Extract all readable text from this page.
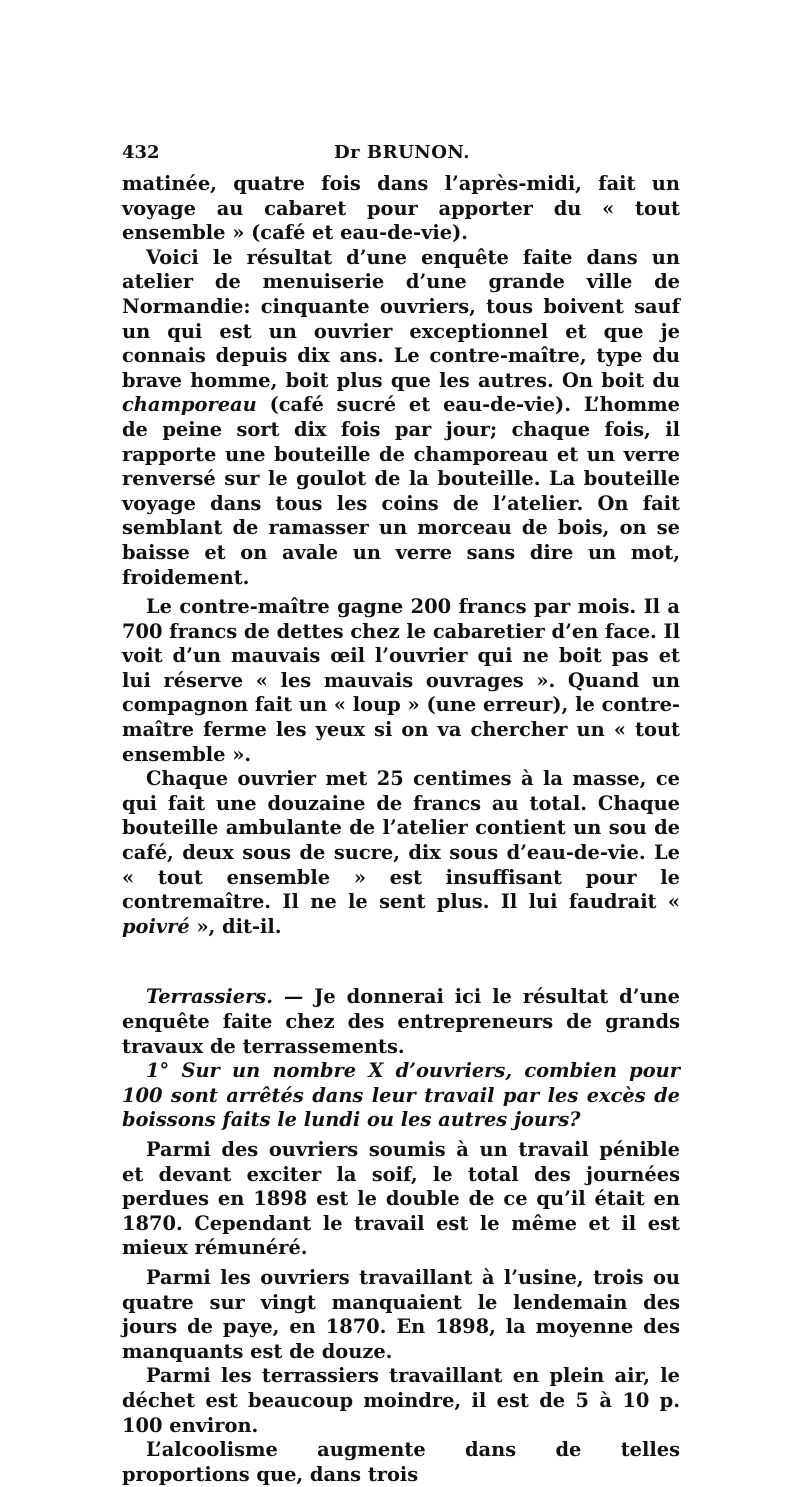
432	Dr BRUNON.

matinée, quatre fois dans l’après-midi, fait un voyage au cabaret pour apporter du « tout ensemble » (café et eau-de-vie).

Voici le résultat d’une enquête faite dans un atelier de menuiserie d’une grande ville de Normandie: cinquante ouvriers, tous boivent sauf un qui est un ouvrier exceptionnel et que je connais depuis dix ans. Le contre-maître, type du brave homme, boit plus que les autres. On boit du champoreau (café sucré et eau-de-vie). L’homme de peine sort dix fois par jour; chaque fois, il rapporte une bouteille de champoreau et un verre renversé sur le goulot de la bouteille. La bouteille voyage dans tous les coins de l’atelier. On fait semblant de ramasser un morceau de bois, on se baisse et on avale un verre sans dire un mot, froidement.

Le contre-maître gagne 200 francs par mois. Il a 700 francs de dettes chez le cabaretier d’en face. Il voit d’un mauvais œil l’ouvrier qui ne boit pas et lui réserve « les mauvais ouvrages ». Quand un compagnon fait un « loup » (une erreur), le contre-maître ferme les yeux si on va chercher un « tout ensemble ».

Chaque ouvrier met 25 centimes à la masse, ce qui fait une douzaine de francs au total. Chaque bouteille ambulante de l’atelier contient un sou de café, deux sous de sucre, dix sous d’eau-de-vie. Le « tout ensemble » est insuffisant pour le contremaître. Il ne le sent plus. Il lui faudrait « poivré », dit-il.

Terrassiers. — Je donnerai ici le résultat d’une enquête faite chez des entrepreneurs de grands travaux de terrassements.

1° Sur un nombre X d’ouvriers, combien pour 100 sont arrêtés dans leur travail par les excès de boissons faits le lundi ou les autres jours?

Parmi des ouvriers soumis à un travail pénible et devant exciter la soif, le total des journées perdues en 1898 est le double de ce qu’il était en 1870. Cependant le travail est le même et il est mieux rémunéré.

Parmi les ouvriers travaillant à l’usine, trois ou quatre sur vingt manquaient le lendemain des jours de paye, en 1870. En 1898, la moyenne des manquants est de douze.

Parmi les terrassiers travaillant en plein air, le déchet est beaucoup moindre, il est de 5 à 10 p. 100 environ.

L’alcoolisme augmente dans de telles proportions que, dans trois
